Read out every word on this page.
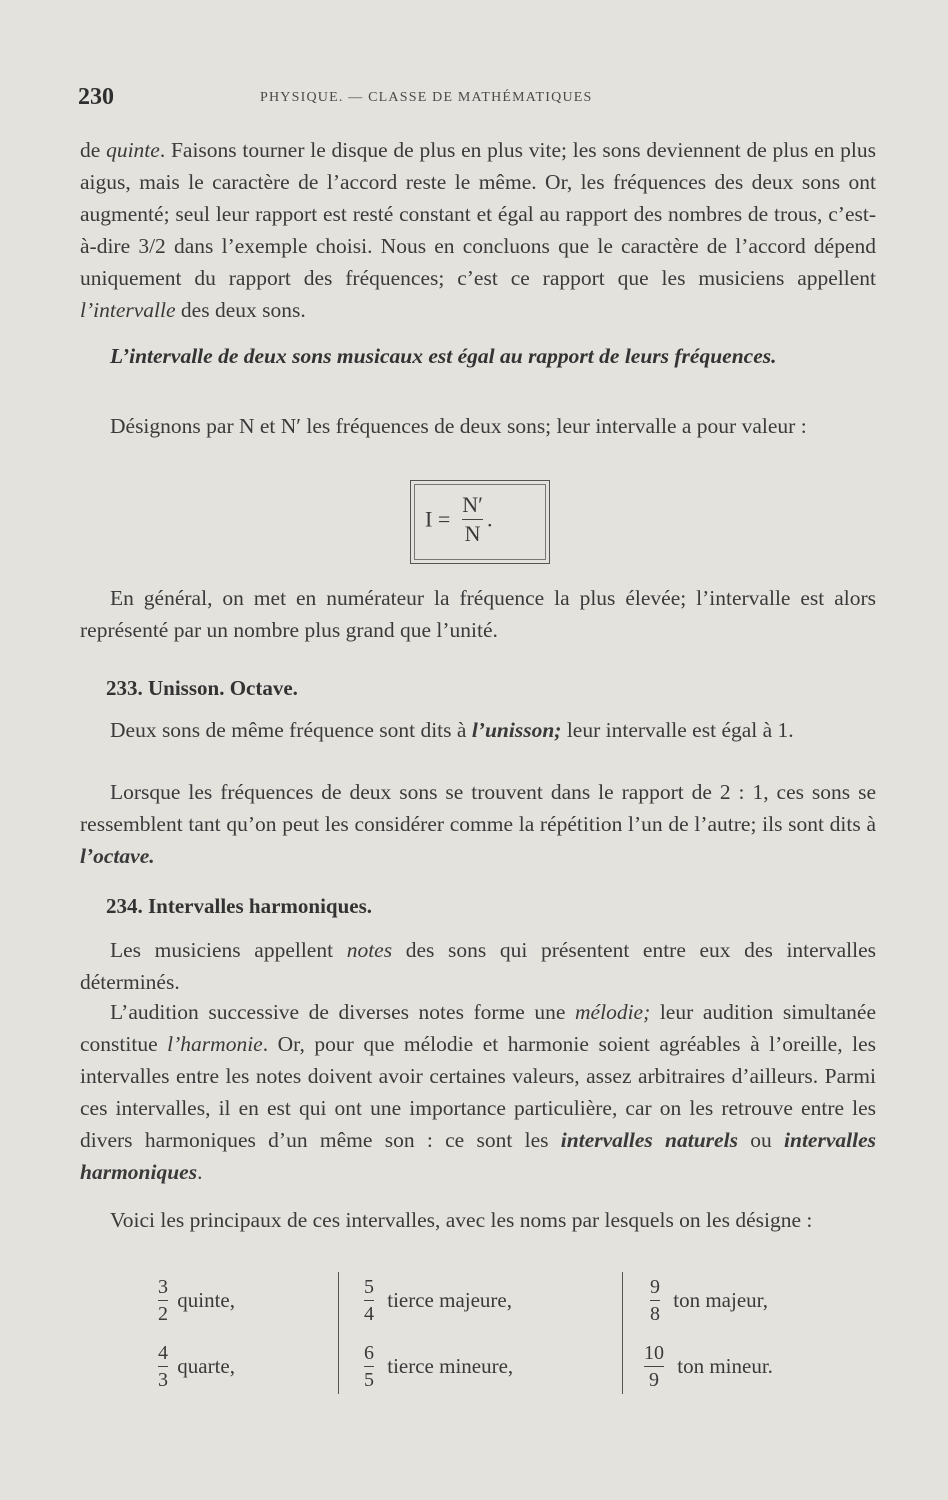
230	PHYSIQUE. — CLASSE DE MATHÉMATIQUES

de quinte. Faisons tourner le disque de plus en plus vite; les sons deviennent de plus en plus aigus, mais le caractère de l’accord reste le même. Or, les fréquences des deux sons ont augmenté; seul leur rapport est resté constant et égal au rapport des nombres de trous, c’est-à-dire 3/2 dans l’exemple choisi. Nous en concluons que le caractère de l’accord dépend uniquement du rapport des fréquences; c’est ce rapport que les musiciens appellent l’intervalle des deux sons.

L’intervalle de deux sons musicaux est égal au rapport de leurs fréquences.

Désignons par N et N′ les fréquences de deux sons; leur intervalle a pour valeur :

$I = \frac{N'}{N}$ .

En général, on met en numérateur la fréquence la plus élevée; l’intervalle est alors représenté par un nombre plus grand que l’unité.

233. Unisson. Octave.

Deux sons de même fréquence sont dits à l’unisson; leur intervalle est égal à 1.

Lorsque les fréquences de deux sons se trouvent dans le rapport de 2 : 1, ces sons se ressemblent tant qu’on peut les considérer comme la répétition l’un de l’autre; ils sont dits à l’octave.

234. Intervalles harmoniques.

Les musiciens appellent notes des sons qui présentent entre eux des intervalles déterminés.

L’audition successive de diverses notes forme une mélodie; leur audition simultanée constitue l’harmonie. Or, pour que mélodie et harmonie soient agréables à l’oreille, les intervalles entre les notes doivent avoir certaines valeurs, assez arbitraires d’ailleurs. Parmi ces intervalles, il en est qui ont une importance particulière, car on les retrouve entre les divers harmoniques d’un même son : ce sont les intervalles naturels ou intervalles harmoniques.

Voici les principaux de ces intervalles, avec les noms par lesquels on les désigne :

$\frac{3}{2}$ quinte,	$\frac{5}{4}$ tierce majeure,	$\frac{9}{8}$ ton majeur,
$\frac{4}{3}$ quarte,	$\frac{6}{5}$ tierce mineure,	$\frac{10}{9}$ ton mineur.
